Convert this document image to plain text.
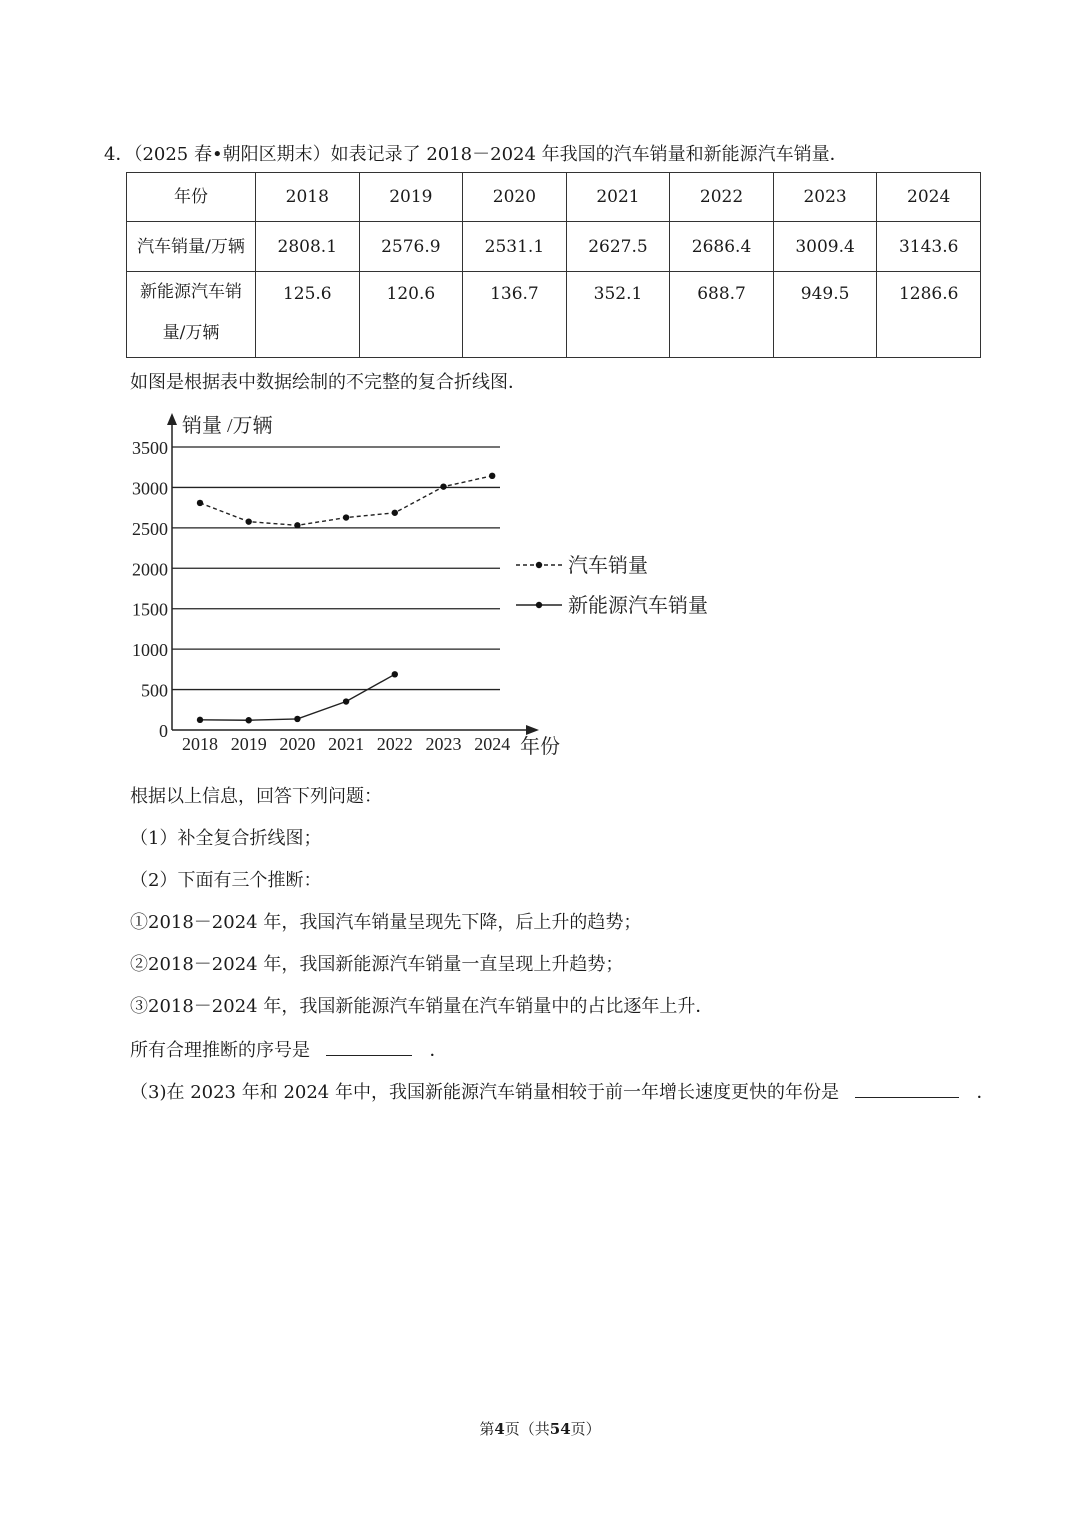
4．（2025 春•朝阳区期末）如表记录了 2018－2024 年我国的汽车销量和新能源汽车销量．
年份	2018	2019	2020	2021	2022	2023	2024
汽车销量/万辆	2808.1	2576.9	2531.1	2627.5	2686.4	3009.4	3143.6

新能源汽车销
量/万辆	125.6	120.6	136.7	352.1	688.7	949.5	1286.6
如图是根据表中数据绘制的不完整的复合折线图．
0
500
1000
1500
2000
2500
3000
3500
销量 /万辆
年份
2018 2019 2020 2021 2022 2023 2024
汽车销量
新能源汽车销量
根据以上信息，回答下列问题：
（1）补全复合折线图；
（2）下面有三个推断：
①2018－2024 年，我国汽车销量呈现先下降，后上升的趋势；
②2018－2024 年，我国新能源汽车销量一直呈现上升趋势；
③2018－2024 年，我国新能源汽车销量在汽车销量中的占比逐年上升．
所有合理推断的序号是	．
（3)在 2023 年和 2024 年中，我国新能源汽车销量相较于前一年增长速度更快的年份是	．
第4页（共54页）
